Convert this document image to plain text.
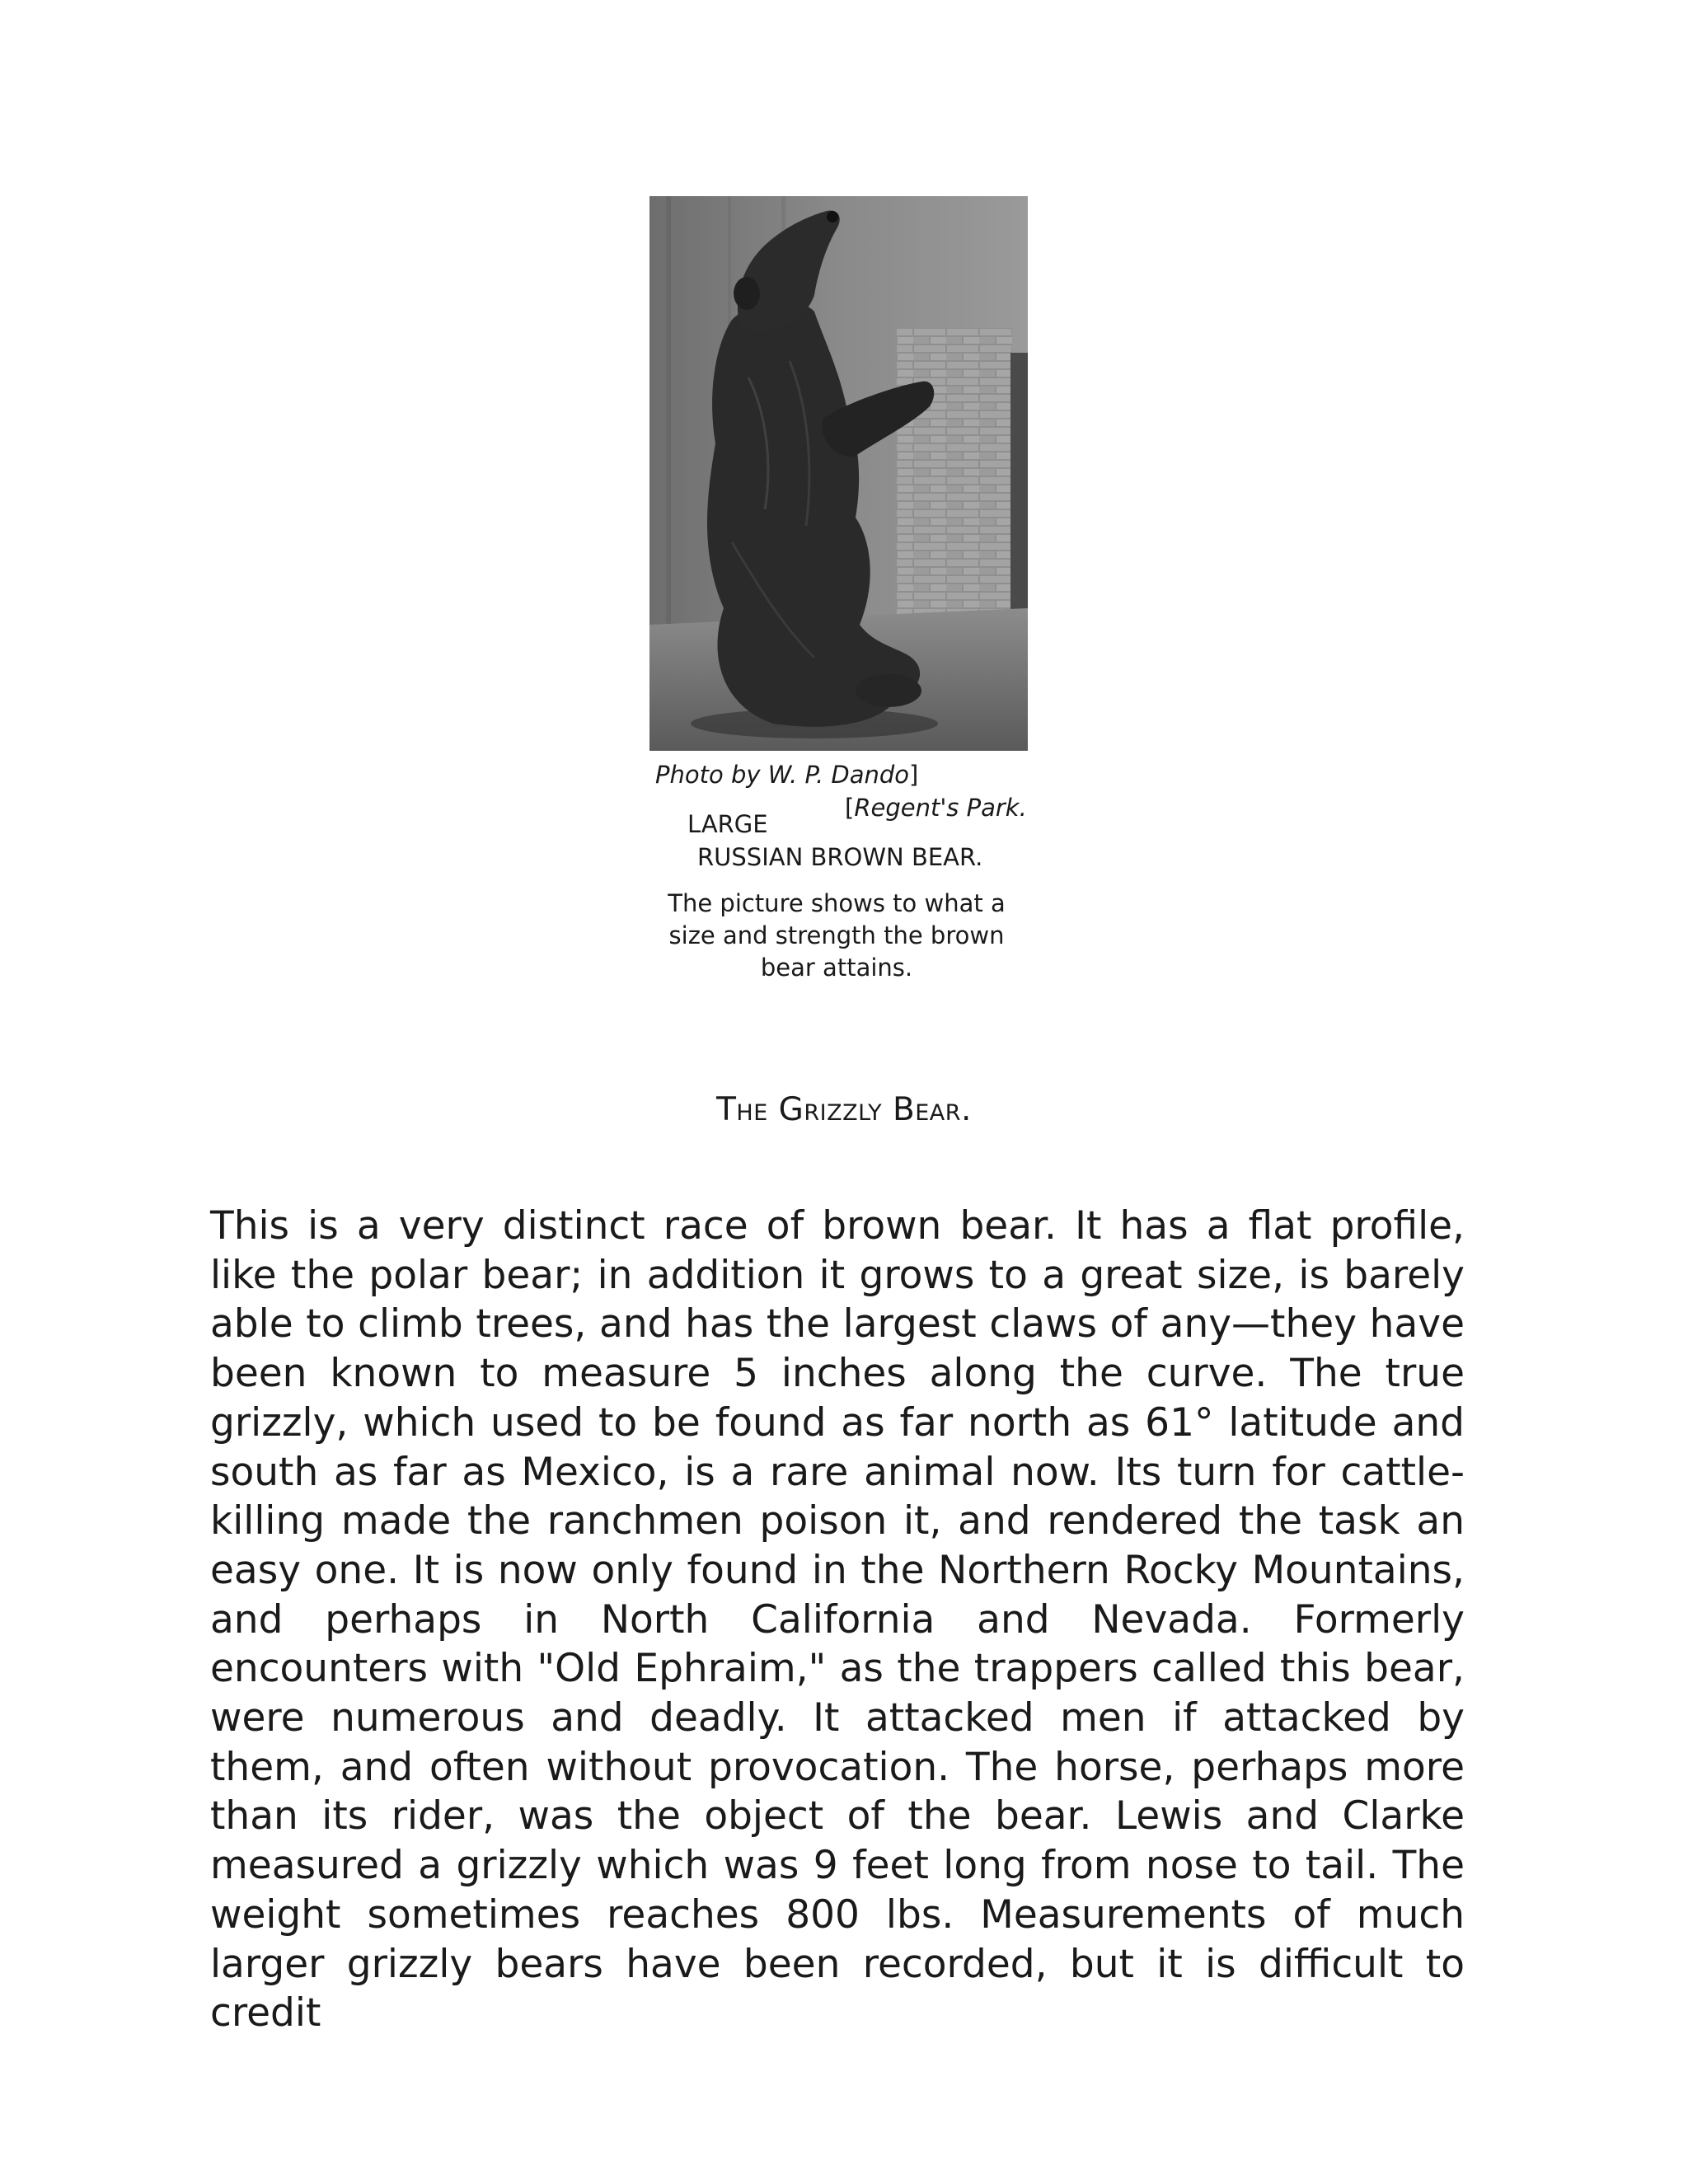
Photo by W. P. Dando]
[Regent's Park.
LARGE
RUSSIAN BROWN BEAR.
The picture shows to what a size and strength the brown bear attains.
The Grizzly Bear.

This is a very distinct race of brown bear. It has a flat profile, like the polar bear; in addition it grows to a great size, is barely able to climb trees, and has the largest claws of any—they have been known to measure 5 inches along the curve. The true grizzly, which used to be found as far north as 61° latitude and south as far as Mexico, is a rare animal now. Its turn for cattle-killing made the ranchmen poison it, and rendered the task an easy one. It is now only found in the Northern Rocky Mountains, and perhaps in North California and Nevada. Formerly encounters with "Old Ephraim," as the trappers called this bear, were numerous and deadly. It attacked men if attacked by them, and often without provocation. The horse, perhaps more than its rider, was the object of the bear. Lewis and Clarke measured a grizzly which was 9 feet long from nose to tail. The weight sometimes reaches 800 lbs. Measurements of much larger grizzly bears have been recorded, but it is difficult to credit
